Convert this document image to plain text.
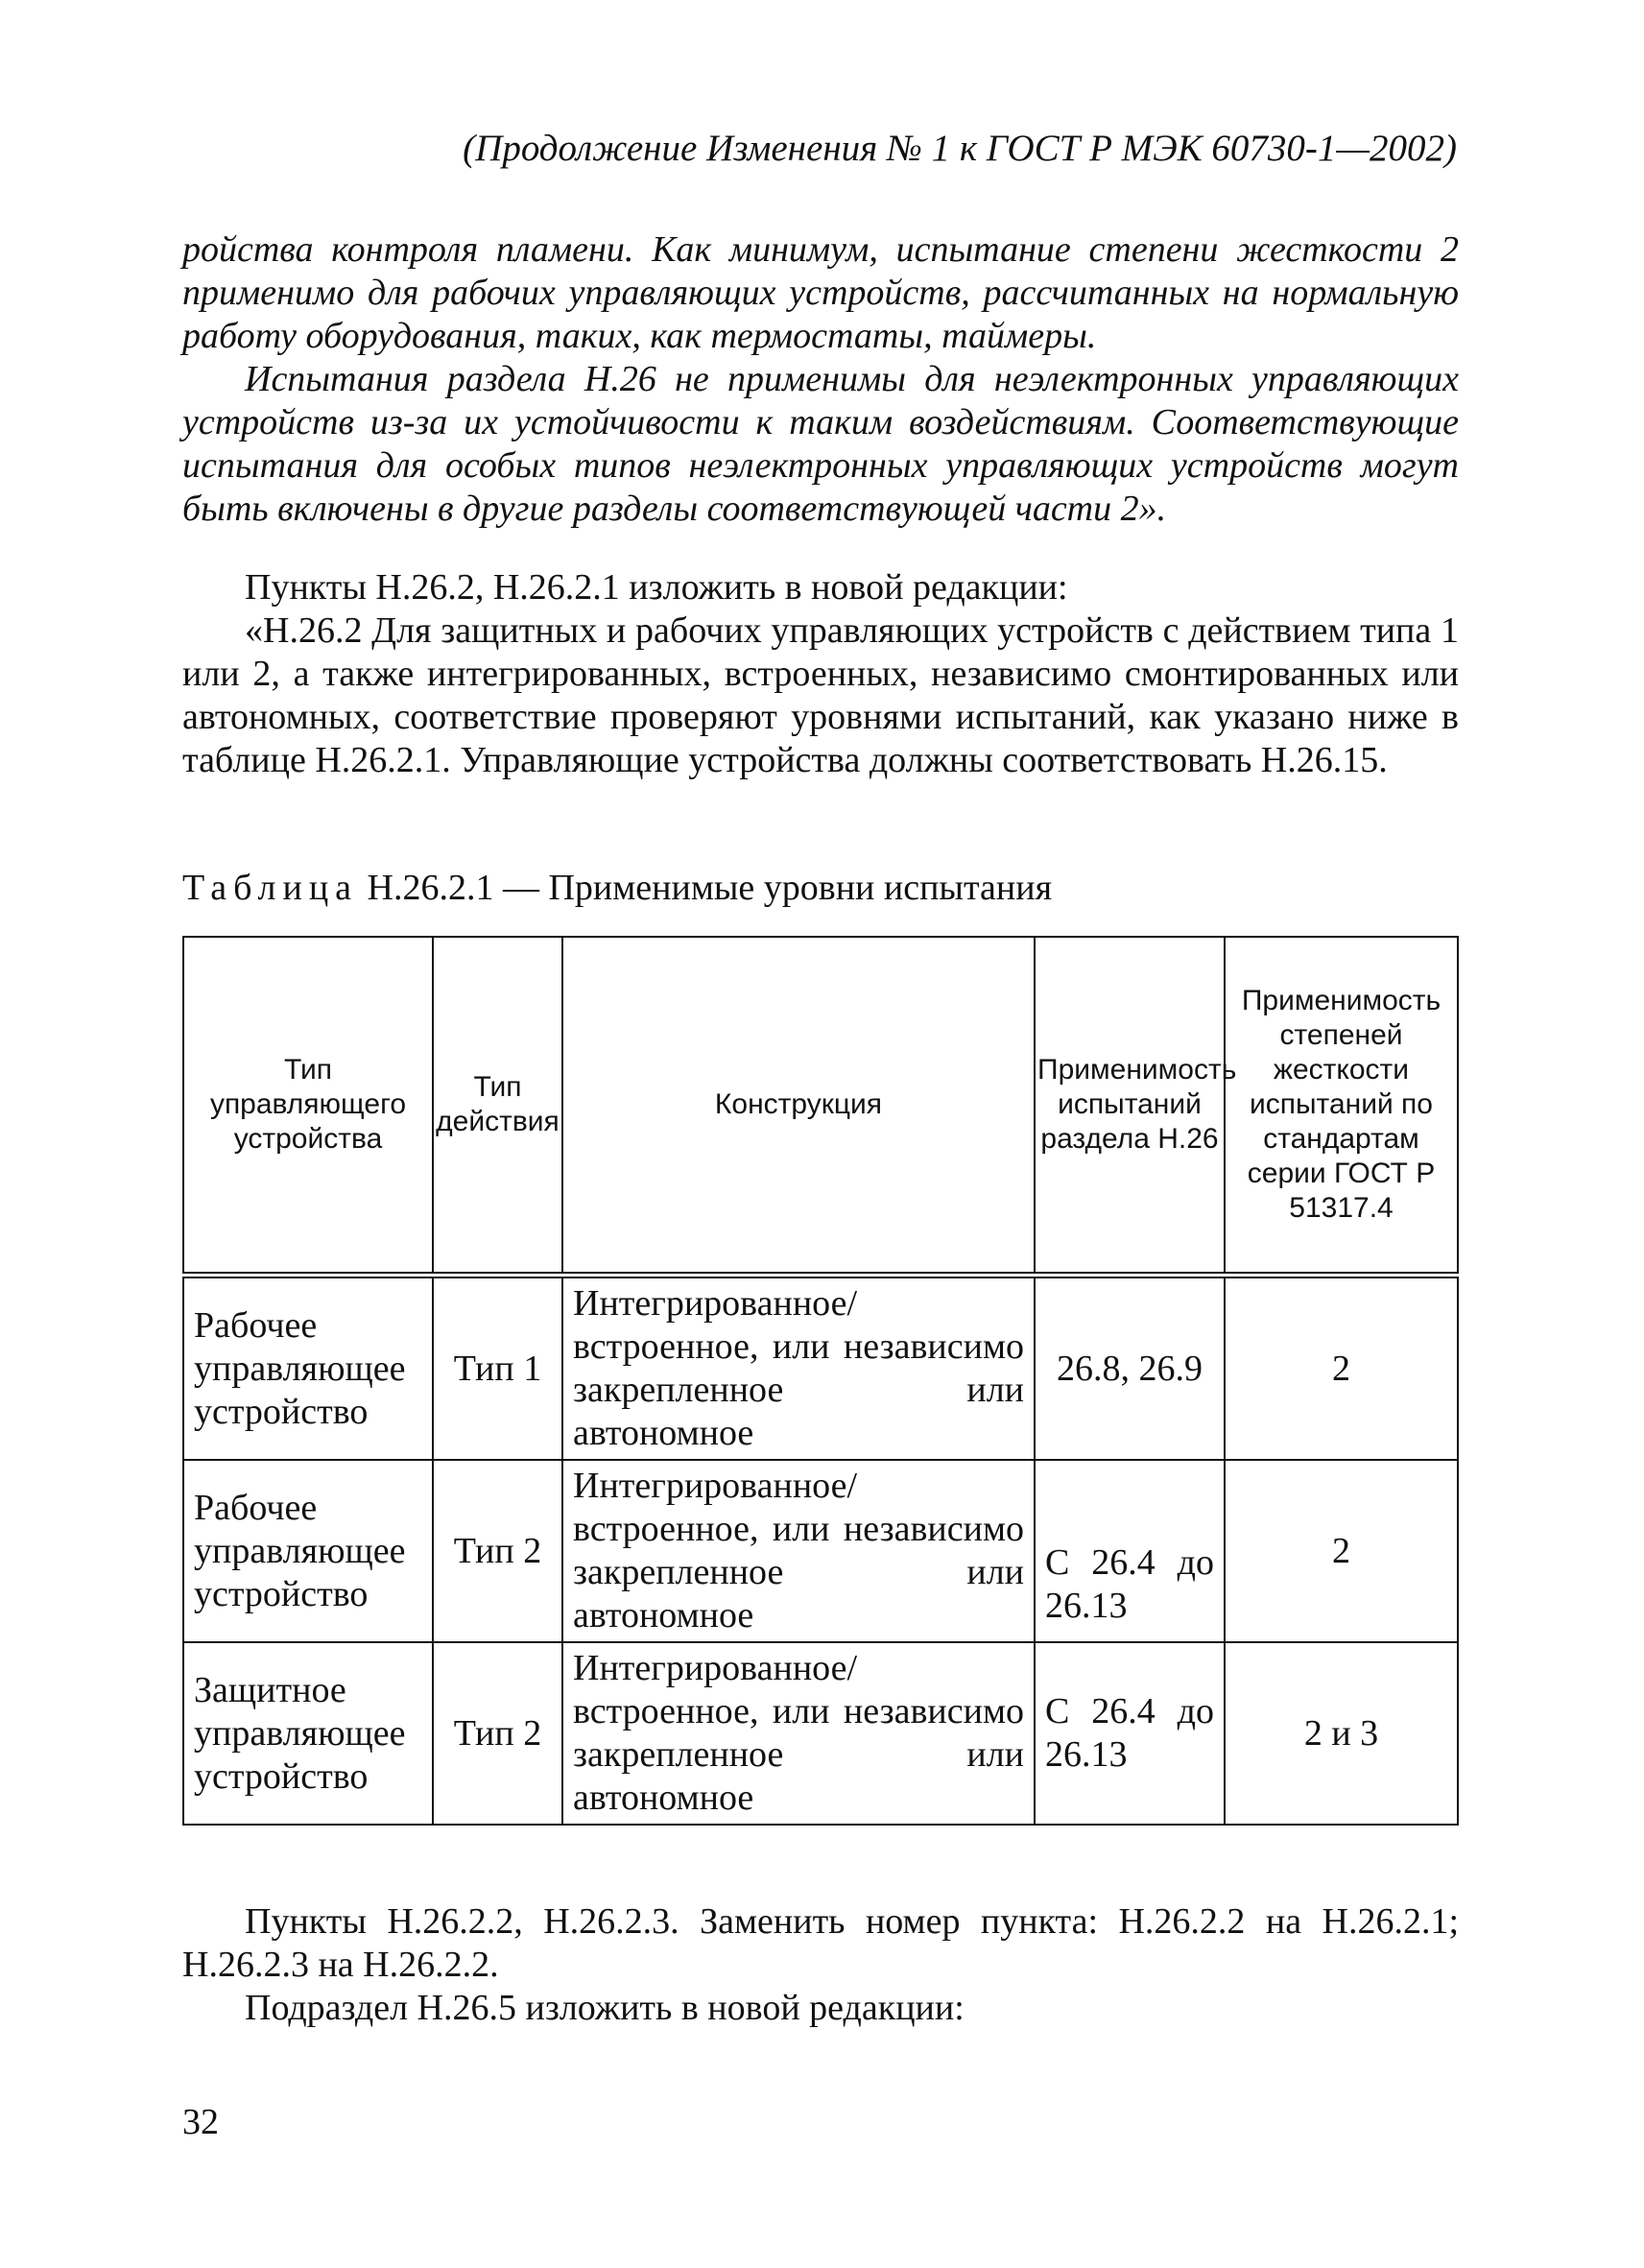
(Продолжение Изменения № 1 к ГОСТ Р МЭК 60730-1—2002)

ройства контроля пламени. Как минимум, испытание степени жесткости 2 применимо для рабочих управляющих устройств, рассчитанных на нормальную работу оборудования, таких, как термостаты, таймеры.

Испытания раздела Н.26 не применимы для неэлектронных управляющих устройств из-за их устойчивости к таким воздействиям. Соответствующие испытания для особых типов неэлектронных управляющих устройств могут быть включены в другие разделы соответствующей части 2».

Пункты Н.26.2, Н.26.2.1 изложить в новой редакции:

«Н.26.2 Для защитных и рабочих управляющих устройств с действием типа 1 или 2, а также интегрированных, встроенных, независимо смонтированных или автономных, соответствие проверяют уровнями испытаний, как указано ниже в таблице Н.26.2.1. Управляющие устройства должны соответствовать Н.26.15.

Таблица Н.26.2.1 — Применимые уровни испытания
Тип управляющего устройства	Тип действия	Конструкция	Применимость испытаний раздела Н.26	Применимость степеней жесткости испытаний по стандартам серии ГОСТ Р 51317.4
Рабочее управляющее устройство	Тип 1	Интегрированное/встроенное, или независимо закрепленное или автономное	26.8, 26.9	2
Рабочее управляющее устройство	Тип 2	Интегрированное/встроенное, или независимо закрепленное или автономное	С 26.4 до 26.13	2
Защитное управляющее устройство	Тип 2	Интегрированное/встроенное, или независимо закрепленное или автономное	С 26.4 до 26.13	2 и 3

Пункты Н.26.2.2, Н.26.2.3. Заменить номер пункта: Н.26.2.2 на Н.26.2.1; Н.26.2.3 на Н.26.2.2.

Подраздел Н.26.5 изложить в новой редакции:

32
